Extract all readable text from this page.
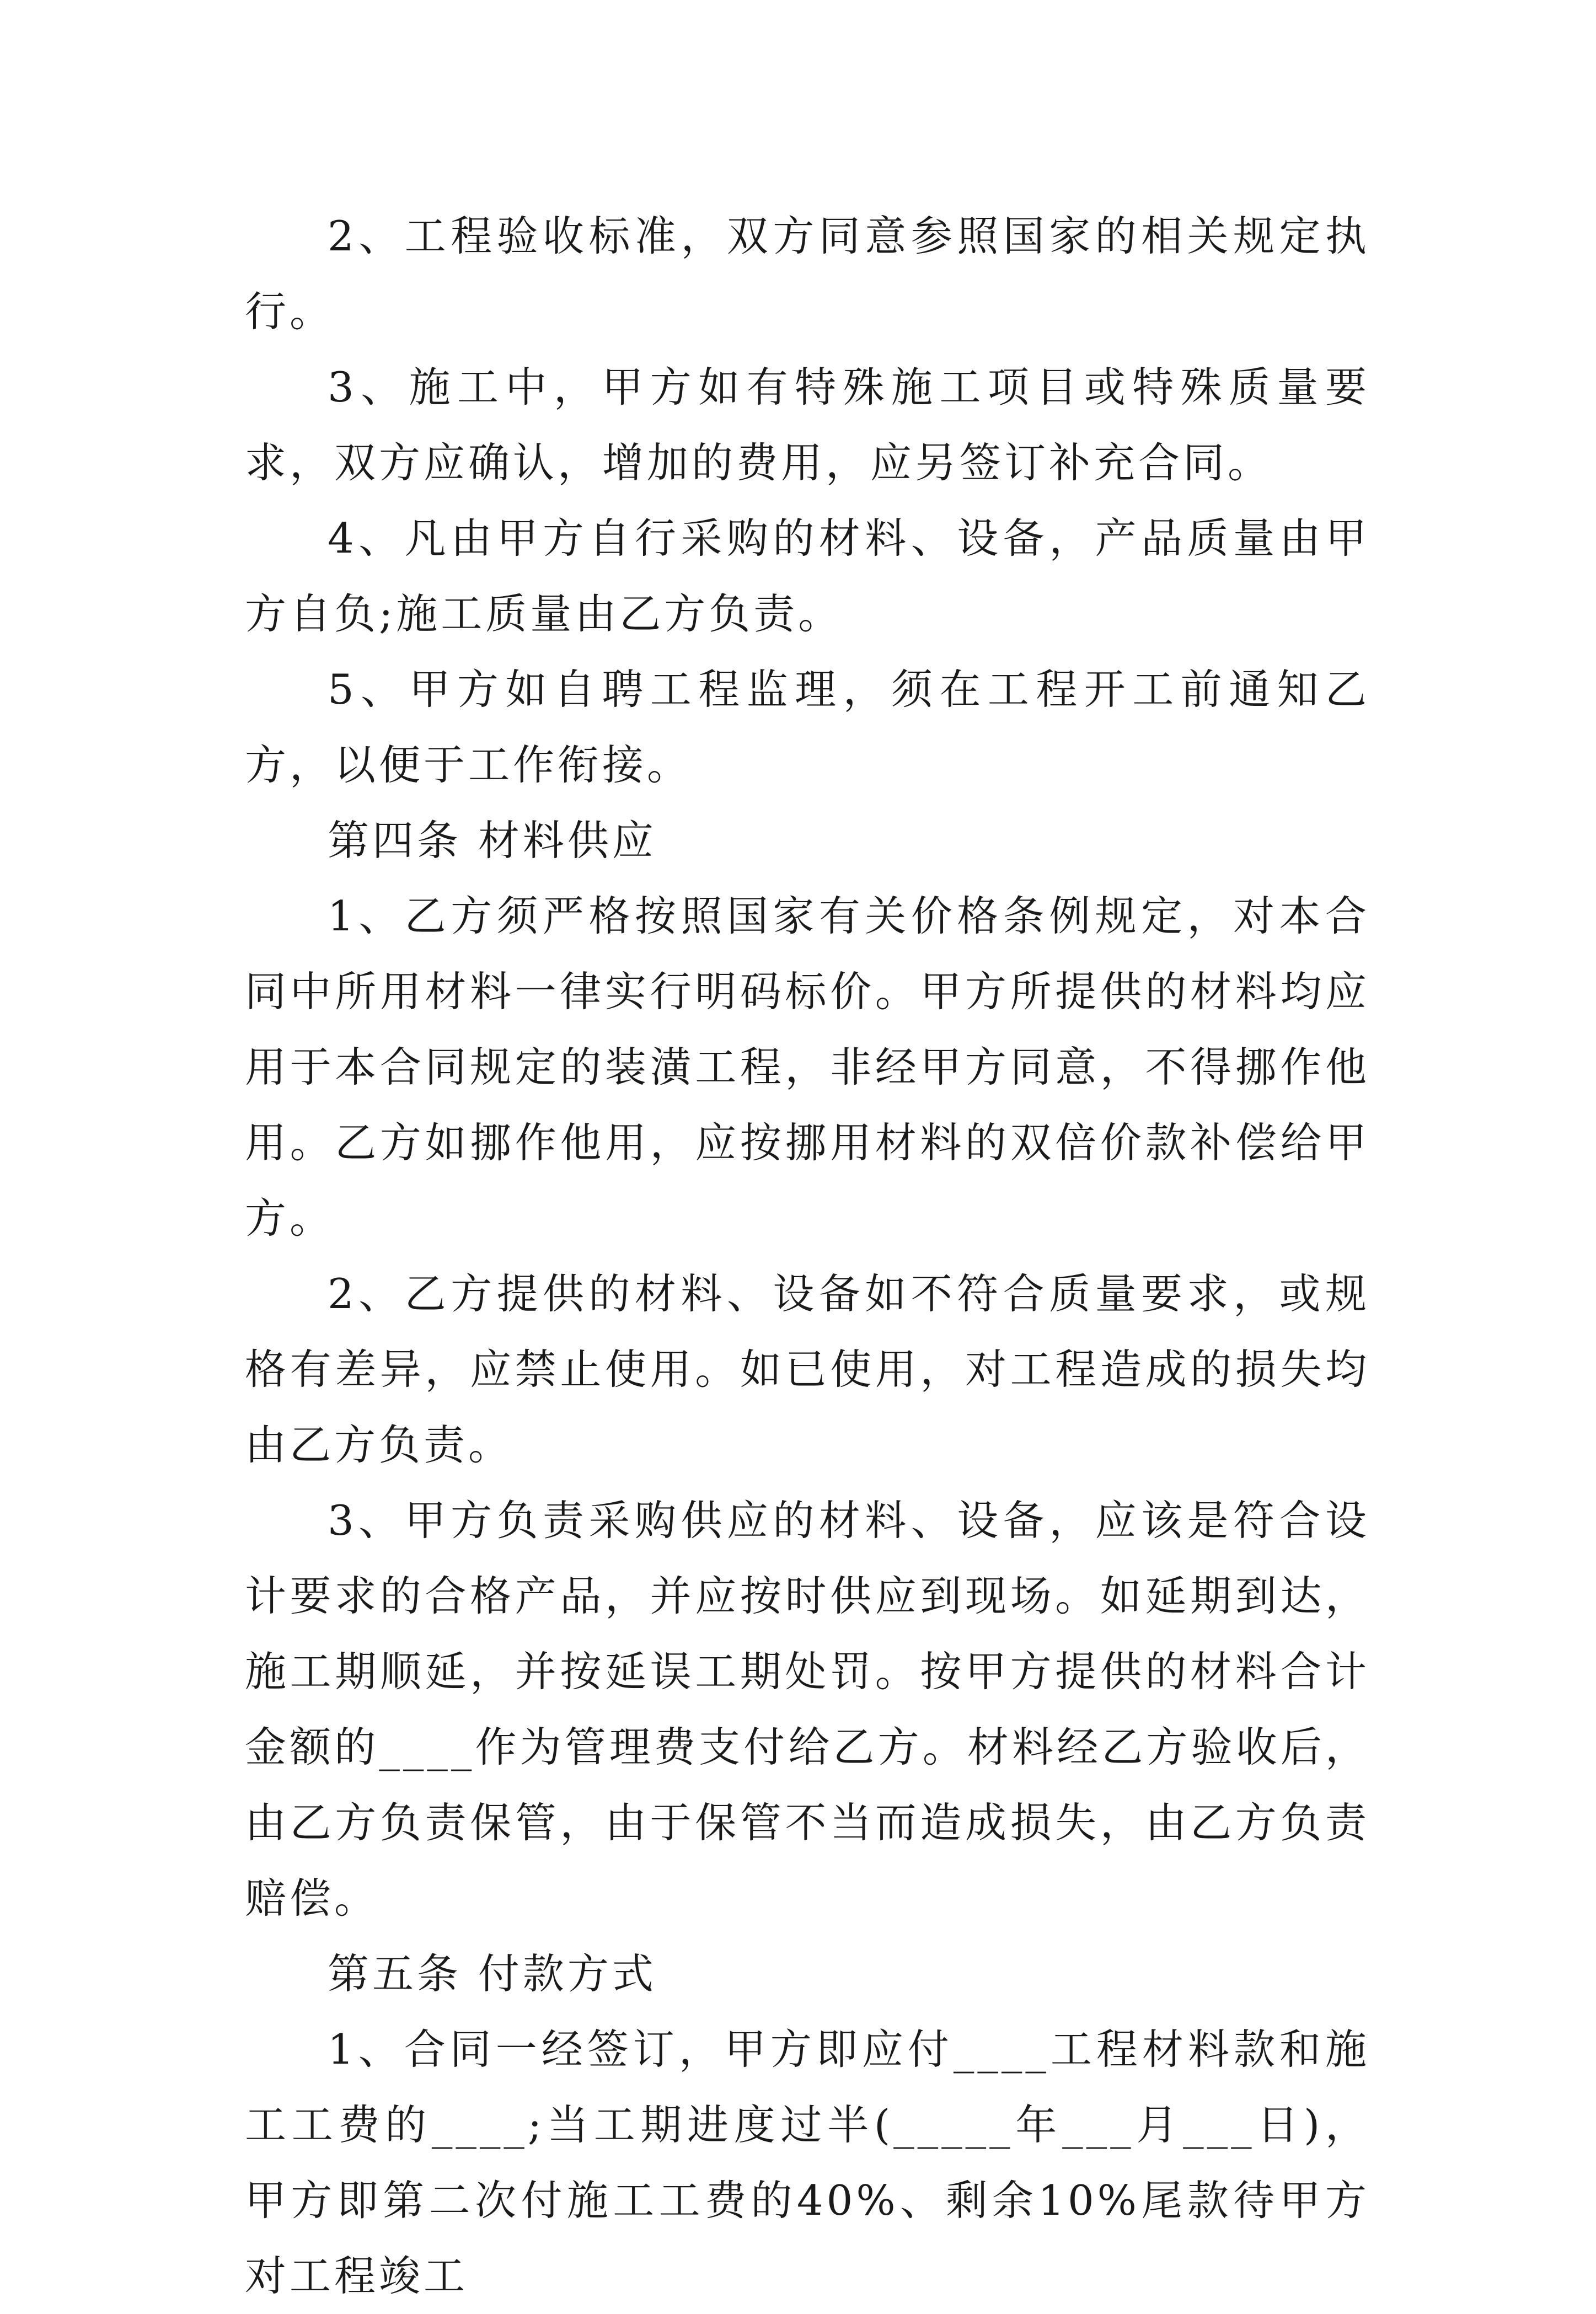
2、工程验收标准，双方同意参照国家的相关规定执行。

3、施工中，甲方如有特殊施工项目或特殊质量要求，双方应确认，增加的费用，应另签订补充合同。

4、凡由甲方自行采购的材料、设备，产品质量由甲方自负;施工质量由乙方负责。

5、甲方如自聘工程监理，须在工程开工前通知乙方，以便于工作衔接。

第四条 材料供应

1、乙方须严格按照国家有关价格条例规定，对本合同中所用材料一律实行明码标价。甲方所提供的材料均应用于本合同规定的装潢工程，非经甲方同意，不得挪作他用。乙方如挪作他用，应按挪用材料的双倍价款补偿给甲方。

2、乙方提供的材料、设备如不符合质量要求，或规格有差异，应禁止使用。如已使用，对工程造成的损失均由乙方负责。

3、甲方负责采购供应的材料、设备，应该是符合设计要求的合格产品，并应按时供应到现场。如延期到达，施工期顺延，并按延误工期处罚。按甲方提供的材料合计金额的____作为管理费支付给乙方。材料经乙方验收后，由乙方负责保管，由于保管不当而造成损失，由乙方负责赔偿。

第五条 付款方式

1、合同一经签订，甲方即应付____工程材料款和施工工费的____;当工期进度过半(_____年___月___日)，甲方即第二次付施工工费的40%、剩余10%尾款待甲方对工程竣工
